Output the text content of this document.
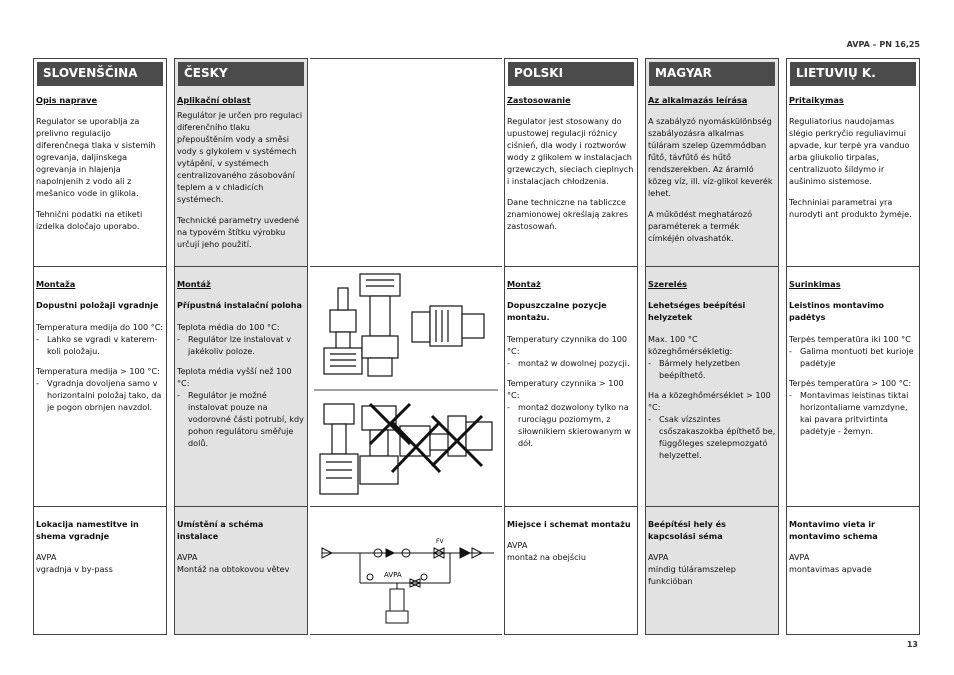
AVPA – PN 16,25
SLOVENŠČINA
Opis naprave

Regulator se uporablja za prelivno regulacijo diferenčnega tlaka v sistemih ogrevanja, daljinskega ogrevanja in hlajenja napolnjenih z vodo ali z mešanico vode in glikola.

Tehnični podatki na etiketi izdelka določajo uporabo.

Montaža
Dopustni položaji vgradnje

Temperatura medija do 100 °C:

- Lahko se vgradi v kateremkoli položaju.

Temperatura medija > 100 °C:

- Vgradnja dovoljena samo v horizontalni položaj tako, da je pogon obrnjen navzdol.
Lokacija namestitve in shema vgradnje

AVPA

vgradnja v by-pass

ČESKY
Aplikační oblast

Regulátor je určen pro regulaci diferenčního tlaku přepouštěním vody a směsi vody s glykolem v systémech vytápění, v systémech centralizovaného zásobování teplem a v chladicích systémech.

Technické parametry uvedené na typovém štítku výrobku určují jeho použití.

Montáž
Přípustná instalační poloha

Teplota média do 100 °C:

- Regulátor lze instalovat v jakékoliv poloze.

Teplota média vyšší než 100 °C:

- Regulátor je možné instalovat pouze na vodorovné části potrubí, kdy pohon regulátoru směřuje dolů.
Umístění a schéma instalace

AVPA

Montáž na obtokovou větev

AVPA
FV
POLSKI
Zastosowanie

Regulator jest stosowany do upustowej regulacji różnicy ciśnień, dla wody i roztworów wody z glikolem w instalacjach grzewczych, sieciach cieplnych i instalacjach chłodzenia.

Dane techniczne na tabliczce znamionowej określają zakres zastosowań.

Montaż
Dopuszczalne pozycje montażu.

Temperatury czynnika do 100 °C:

- montaż w dowolnej pozycji.

Temperatury czynnika > 100 °C:

- montaż dozwolony tylko na rurociągu poziomym, z siłownikiem skierowanym w dół.
Miejsce i schemat montażu

AVPA

montaż na obejściu

MAGYAR
Az alkalmazás leírása

A szabályzó nyomáskülönbség szabályozásra alkalmas túláram szelep üzemmódban fűtő, távfűtő és hűtő rendszerekben. Az áramló közeg víz, ill. víz-glikol keverék lehet.

A működést meghatározó paraméterek a termék címkéjén olvashatók.

Szerelés
Lehetséges beépítési helyzetek

Max. 100 °C közeghőmérsékletig:

- Bármely helyzetben beépíthető.

Ha a közeghőmérséklet > 100 °C:

- Csak vízszintes csőszakaszokba építhető be, függőleges szelepmozgató helyzettel.
Beépítési hely és kapcsolási séma

AVPA

mindig túláramszelep funkcióban

LIETUVIŲ K.
Pritaikymas

Reguliatorius naudojamas slėgio perkryčio reguliavimui apvade, kur terpė yra vanduo arba gliukolio tirpalas, centralizuoto šildymo ir aušinimo sistemose.

Techniniai parametrai yra nurodyti ant produkto žymėje.

Surinkimas
Leistinos montavimo padėtys

Terpės temperatūra iki 100 °C

- Galima montuoti bet kurioje padėtyje

Terpės temperatūra > 100 °C:

- Montavimas leistinas tiktai horizontaliame vamzdyne, kai pavara pritvirtinta padėtyje - žemyn.
Montavimo vieta ir montavimo schema

AVPA

montavimas apvade

13
